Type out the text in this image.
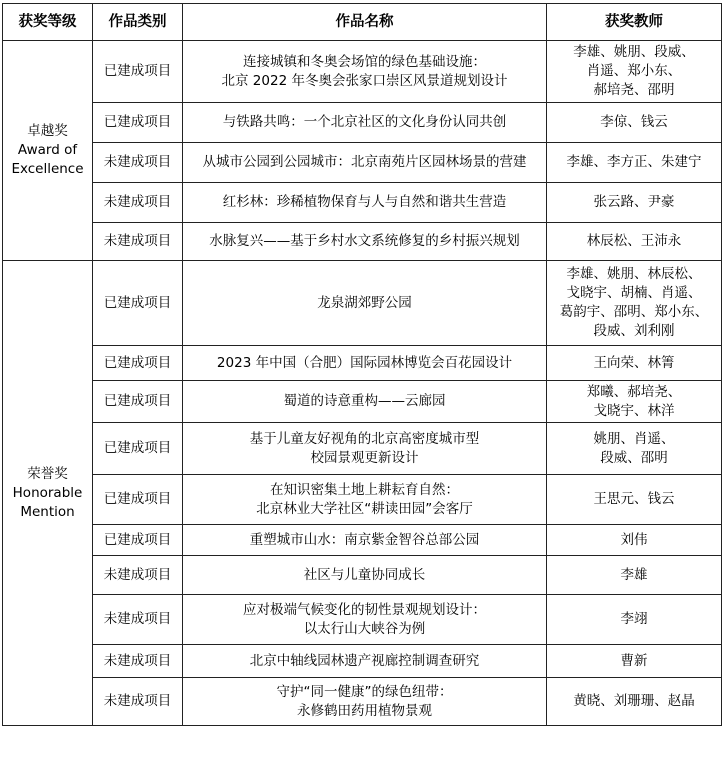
获奖等级	作品类别	作品名称	获奖教师

卓越奖
Award of
Excellence	已建成项目	连接城镇和冬奥会场馆的绿色基础设施：
北京 2022 年冬奥会张家口崇区风景道规划设计	李雄、姚朋、段威、
肖遥、郑小东、
郝培尧、邵明

	已建成项目	与铁路共鸣：一个北京社区的文化身份认同共创	李倞、钱云

	未建成项目	从城市公园到公园城市：北京南苑片区园林场景的营建	李雄、李方正、朱建宁

	未建成项目	红杉林：珍稀植物保育与人与自然和谐共生营造	张云路、尹豪

	未建成项目	水脉复兴——基于乡村水文系统修复的乡村振兴规划	林辰松、王沛永

荣誉奖
Honorable
Mention	已建成项目	龙泉湖郊野公园	李雄、姚朋、林辰松、
戈晓宇、胡楠、肖遥、
葛韵宇、邵明、郑小东、
段威、刘利刚

	已建成项目	2023 年中国（合肥）国际园林博览会百花园设计	王向荣、林箐

	已建成项目	蜀道的诗意重构——云廊园	郑曦、郝培尧、
戈晓宇、林洋

	已建成项目	基于儿童友好视角的北京高密度城市型
校园景观更新设计	姚朋、肖遥、
段威、邵明

	已建成项目	在知识密集土地上耕耘育自然：
北京林业大学社区“耕读田园”会客厅	王思元、钱云

	已建成项目	重塑城市山水：南京紫金智谷总部公园	刘伟

	未建成项目	社区与儿童协同成长	李雄

	未建成项目	应对极端气候变化的韧性景观规划设计：
以太行山大峡谷为例	李翊

	未建成项目	北京中轴线园林遗产视廊控制调查研究	曹新

	未建成项目	守护“同一健康”的绿色纽带：
永修鹤田药用植物景观	黄晓、刘珊珊、赵晶
